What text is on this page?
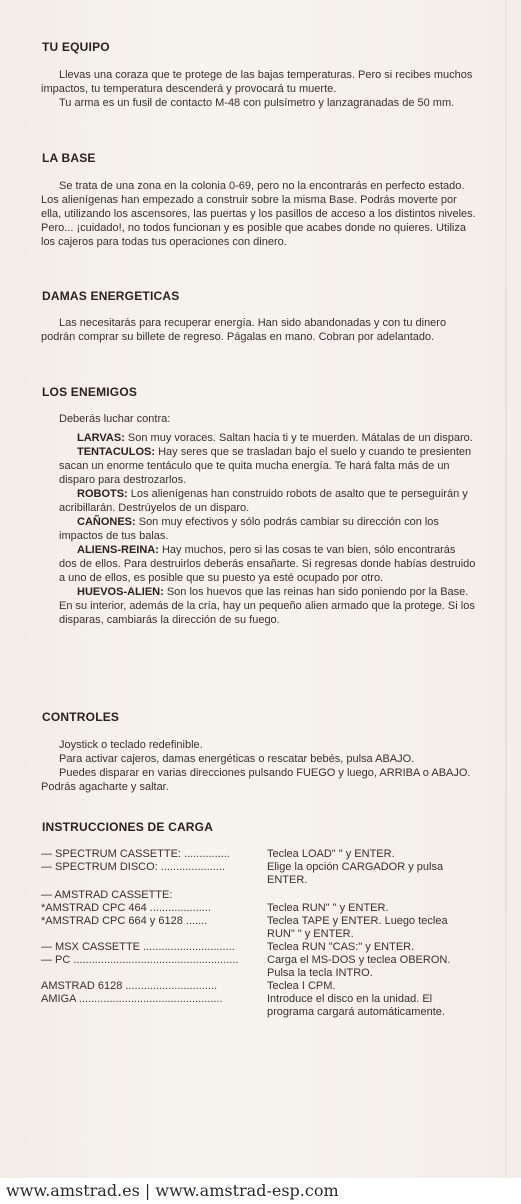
TU EQUIPO

Llevas una coraza que te protege de las bajas temperaturas. Pero si recibes muchos impactos, tu temperatura descenderá y provocará tu muerte.

Tu arma es un fusil de contacto M-48 con pulsímetro y lanzagranadas de 50 mm.

LA BASE

Se trata de una zona en la colonia 0-69, pero no la encontrarás en perfecto estado. Los alienígenas han empezado a construir sobre la misma Base. Podrás moverte por ella, utilizando los ascensores, las puertas y los pasillos de acceso a los distintos niveles. Pero... ¡cuidado!, no todos funcionan y es posible que acabes donde no quieres. Utiliza los cajeros para todas tus operaciones con dinero.

DAMAS ENERGETICAS

Las necesitarás para recuperar energía. Han sido abandonadas y con tu dinero podrán comprar su billete de regreso. Págalas en mano. Cobran por adelantado.

LOS ENEMIGOS

Deberás luchar contra:

LARVAS: Son muy voraces. Saltan hacia ti y te muerden. Mátalas de un disparo.

TENTACULOS: Hay seres que se trasladan bajo el suelo y cuando te presienten sacan un enorme tentáculo que te quita mucha energía. Te hará falta más de un disparo para destrozarlos.

ROBOTS: Los alienígenas han construido robots de asalto que te perseguirán y acribillarán. Destrúyelos de un disparo.

CAÑONES: Son muy efectivos y sólo podrás cambiar su dirección con los impactos de tus balas.

ALIENS-REINA: Hay muchos, pero si las cosas te van bien, sólo encontrarás dos de ellos. Para destruirlos deberás ensañarte. Si regresas donde habías destruido a uno de ellos, es posible que su puesto ya esté ocupado por otro.

HUEVOS-ALIEN: Son los huevos que las reinas han sido poniendo por la Base. En su interior, además de la cría, hay un pequeño alien armado que la protege. Si los disparas, cambiarás la dirección de su fuego.

CONTROLES

Joystick o teclado redefinible.

Para activar cajeros, damas energéticas o rescatar bebés, pulsa ABAJO.

Puedes disparar en varias direcciones pulsando FUEGO y luego, ARRIBA o ABAJO. Podrás agacharte y saltar.

INSTRUCCIONES DE CARGA
— SPECTRUM CASSETTE: ...............	Teclea LOAD" " y ENTER.
— SPECTRUM DISCO: .....................	Elige la opción CARGADOR y pulsa ENTER.
— AMSTRAD CASSETTE:
*AMSTRAD CPC 464 ....................	Teclea RUN" " y ENTER.
*AMSTRAD CPC 664 y 6128 .......	Teclea TAPE y ENTER. Luego teclea RUN" " y ENTER.
— MSX CASSETTE ..............................	Teclea RUN "CAS:" y ENTER.
— PC ......................................................	Carga el MS-DOS y teclea OBERON. Pulsa la tecla INTRO.
AMSTRAD 6128 ..............................	Teclea I CPM.
AMIGA ...............................................	Introduce el disco en la unidad. El programa cargará automáticamente.
www.amstrad.es | www.amstrad-esp.com
